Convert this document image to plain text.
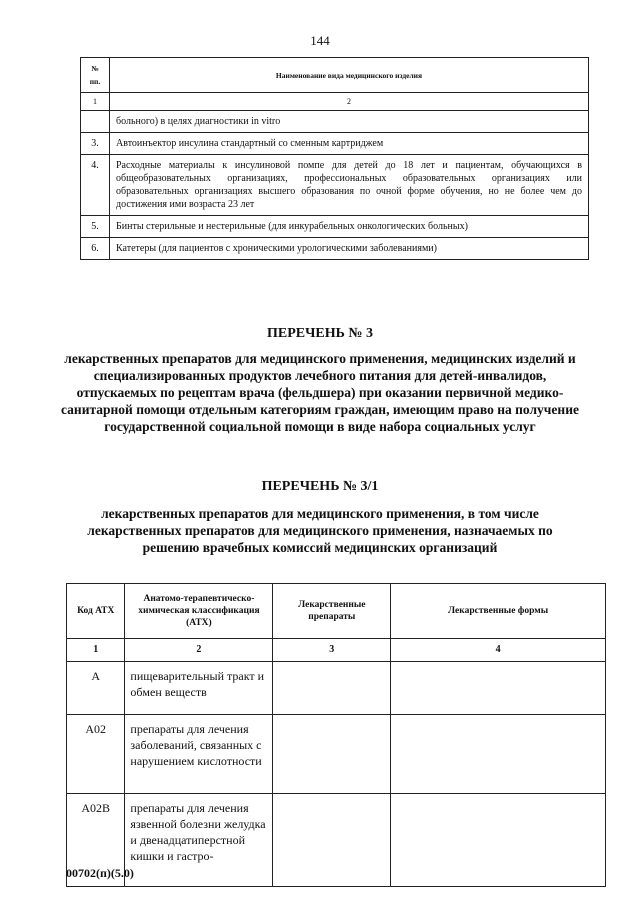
144
№ пп.	Наименование вида медицинского изделия
1	2
	больного) в целях диагностики in vitro
3.	Автоинъектор инсулина стандартный со сменным картриджем
4.	Расходные материалы к инсулиновой помпе для детей до 18 лет и пациентам, обучающихся в общеобразовательных организациях, профессиональных образовательных организациях или образовательных организациях высшего образования по очной форме обучения, но не более чем до достижения ими возраста 23 лет
5.	Бинты стерильные и нестерильные (для инкурабельных онкологических больных)
6.	Катетеры (для пациентов с хроническими урологическими заболеваниями)
ПЕРЕЧЕНЬ № 3
лекарственных препаратов для медицинского применения, медицинских изделий и специализированных продуктов лечебного питания для детей-инвалидов, отпускаемых по рецептам врача (фельдшера) при оказании первичной медико-санитарной помощи отдельным категориям граждан, имеющим право на получение государственной социальной помощи в виде набора социальных услуг
ПЕРЕЧЕНЬ № 3/1
лекарственных препаратов для медицинского применения, в том числе лекарственных препаратов для медицинского применения, назначаемых по решению врачебных комиссий медицинских организаций
Код АТХ	Анатомо-терапевтическо-химическая классификация (АТХ)	Лекарственные препараты	Лекарственные формы
1	2	3	4
А	пищеварительный тракт и обмен веществ		
А02	препараты для лечения заболеваний, связанных с нарушением кислотности		
А02В	препараты для лечения язвенной болезни желудка и двенадцатиперстной кишки и гастро-		
00702(п)(5.0)
